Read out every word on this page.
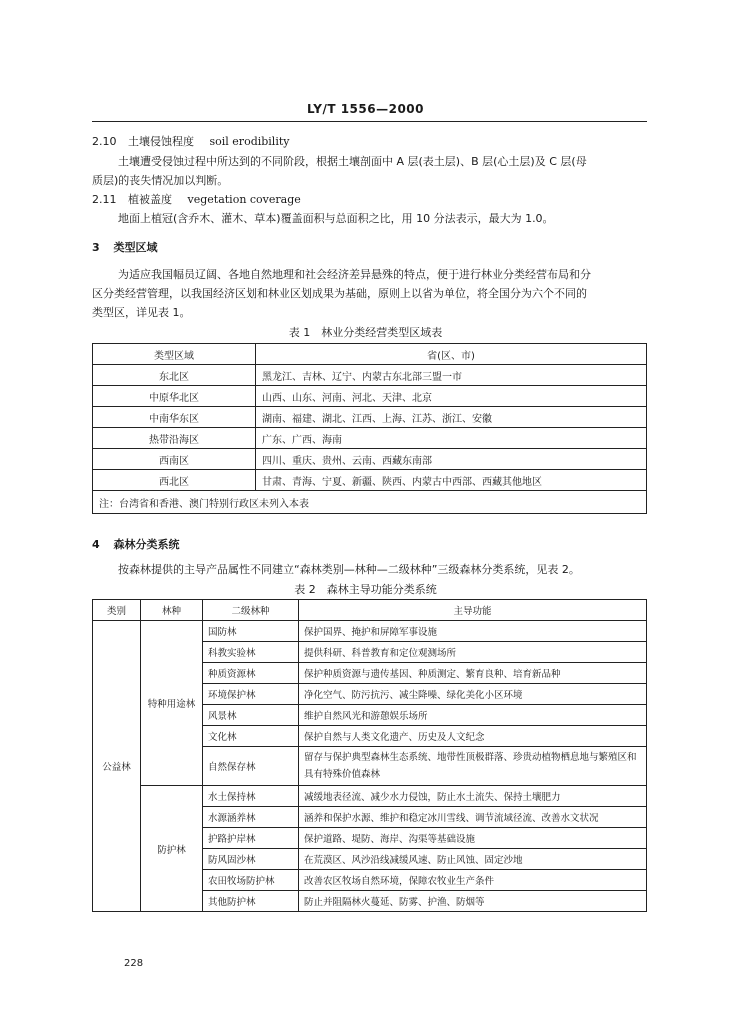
LY/T 1556—2000
2.10 土壤侵蚀程度 soil erodibility
土壤遭受侵蚀过程中所达到的不同阶段，根据土壤剖面中 A 层(表土层)、B 层(心土层)及 C 层(母
质层)的丧失情况加以判断。
2.11 植被盖度 vegetation coverage
地面上植冠(含乔木、灌木、草本)覆盖面积与总面积之比，用 10 分法表示，最大为 1.0。
3 类型区域
为适应我国幅员辽阔、各地自然地理和社会经济差异悬殊的特点，便于进行林业分类经营布局和分
区分类经营管理，以我国经济区划和林业区划成果为基础，原则上以省为单位，将全国分为六个不同的
类型区，详见表 1。
表 1　林业分类经营类型区域表
类型区域	省(区、市)
东北区	黑龙江、吉林、辽宁、内蒙古东北部三盟一市
中原华北区	山西、山东、河南、河北、天津、北京
中南华东区	湖南、福建、湖北、江西、上海、江苏、浙江、安徽
热带沿海区	广东、广西、海南
西南区	四川、重庆、贵州、云南、西藏东南部
西北区	甘肃、青海、宁夏、新疆、陕西、内蒙古中西部、西藏其他地区
注：台湾省和香港、澳门特别行政区未列入本表	
4 森林分类系统
按森林提供的主导产品属性不同建立“森林类别—林种—二级林种”三级森林分类系统，见表 2。
表 2　森林主导功能分类系统
类别	林种	二级林种	主导功能
公益林	特种用途林	国防林	保护国界、掩护和屏障军事设施
		科教实验林	提供科研、科普教育和定位观测场所
		种质资源林	保护种质资源与遗传基因、种质测定、繁育良种、培育新品种
		环境保护林	净化空气、防污抗污、减尘降噪、绿化美化小区环境
		风景林	维护自然风光和游憩娱乐场所
		文化林	保护自然与人类文化遗产、历史及人文纪念
		自然保存林	留存与保护典型森林生态系统、地带性顶极群落、珍贵动植物栖息地与繁殖区和具有特殊价值森林
	防护林	水土保持林	减缓地表径流、减少水力侵蚀，防止水土流失、保持土壤肥力
		水源涵养林	涵养和保护水源、维护和稳定冰川雪线、调节流域径流、改善水文状况
		护路护岸林	保护道路、堤防、海岸、沟渠等基础设施
		防风固沙林	在荒漠区、风沙沿线减缓风速、防止风蚀、固定沙地
		农田牧场防护林	改善农区牧场自然环境，保障农牧业生产条件
		其他防护林	防止并阻隔林火蔓延、防雾、护渔、防烟等
228
